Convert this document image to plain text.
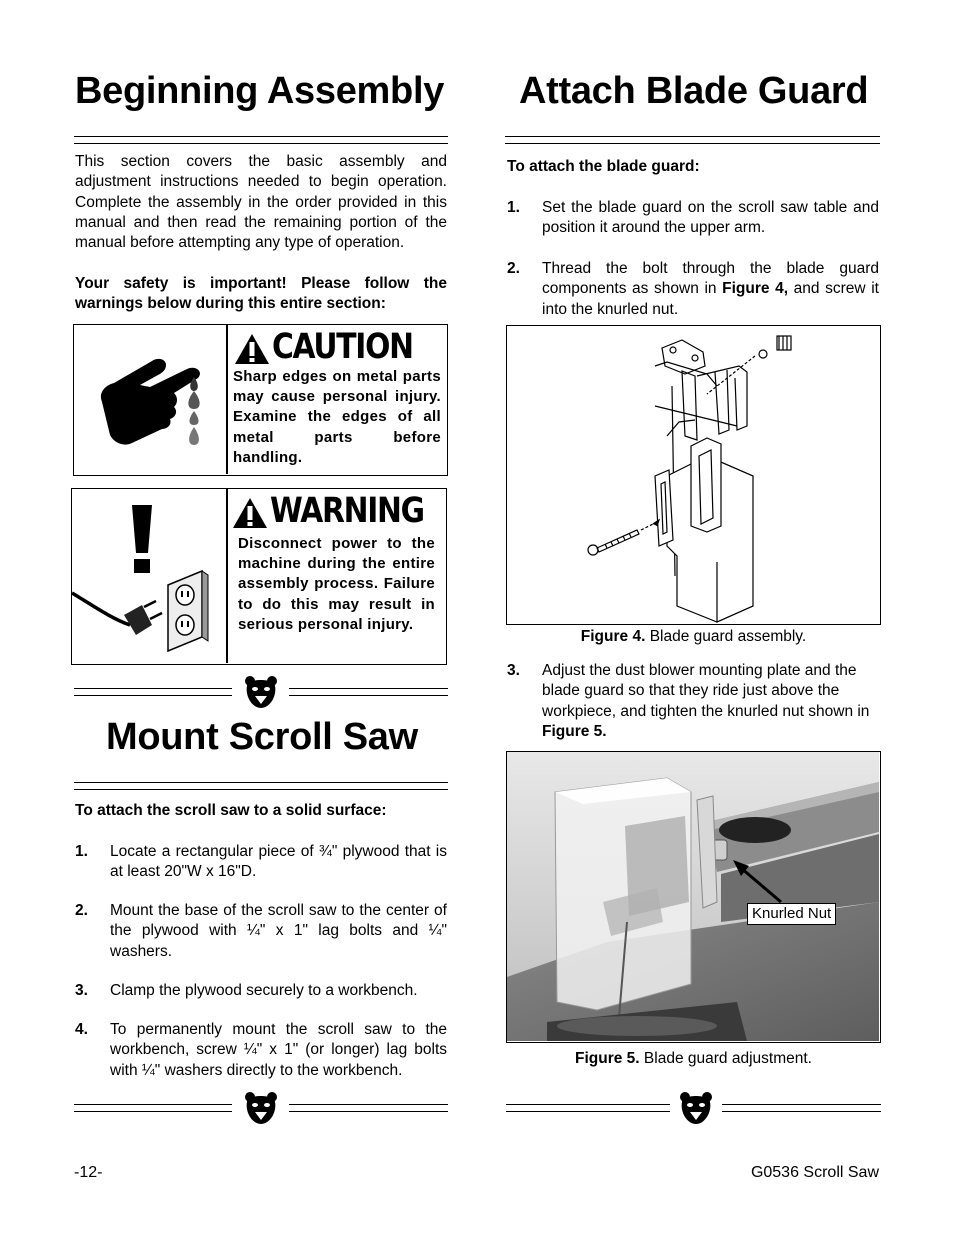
Beginning Assembly
This section covers the basic assembly and adjustment instructions needed to begin operation. Complete the assembly in the order provided in this manual and then read the remaining portion of the manual before attempting any type of operation.
Your safety is important! Please follow the warnings below during this entire section:
CAUTION
Sharp edges on metal parts may cause personal injury. Examine the edges of all metal parts before handling.
WARNING
Disconnect power to the machine during the entire assembly process. Failure to do this may result in serious personal injury.
Mount Scroll Saw
To attach the scroll saw to a solid surface:
1. Locate a rectangular piece of ¾" plywood that is at least 20"W x 16"D.
2. Mount the base of the scroll saw to the center of the plywood with ¼" x 1" lag bolts and ¼" washers.
3. Clamp the plywood securely to a workbench.
4. To permanently mount the scroll saw to the workbench, screw ¼" x 1" (or longer) lag bolts with ¼" washers directly to the workbench.
Attach Blade Guard
To attach the blade guard:
1. Set the blade guard on the scroll saw table and position it around the upper arm.
2. Thread the bolt through the blade guard components as shown in Figure 4, and screw it into the knurled nut.
Figure 4. Blade guard assembly.
3. Adjust the dust blower mounting plate and the blade guard so that they ride just above the workpiece, and tighten the knurled nut shown in Figure 5.
Knurled Nut
Figure 5. Blade guard adjustment.
-12-	G0536 Scroll Saw
